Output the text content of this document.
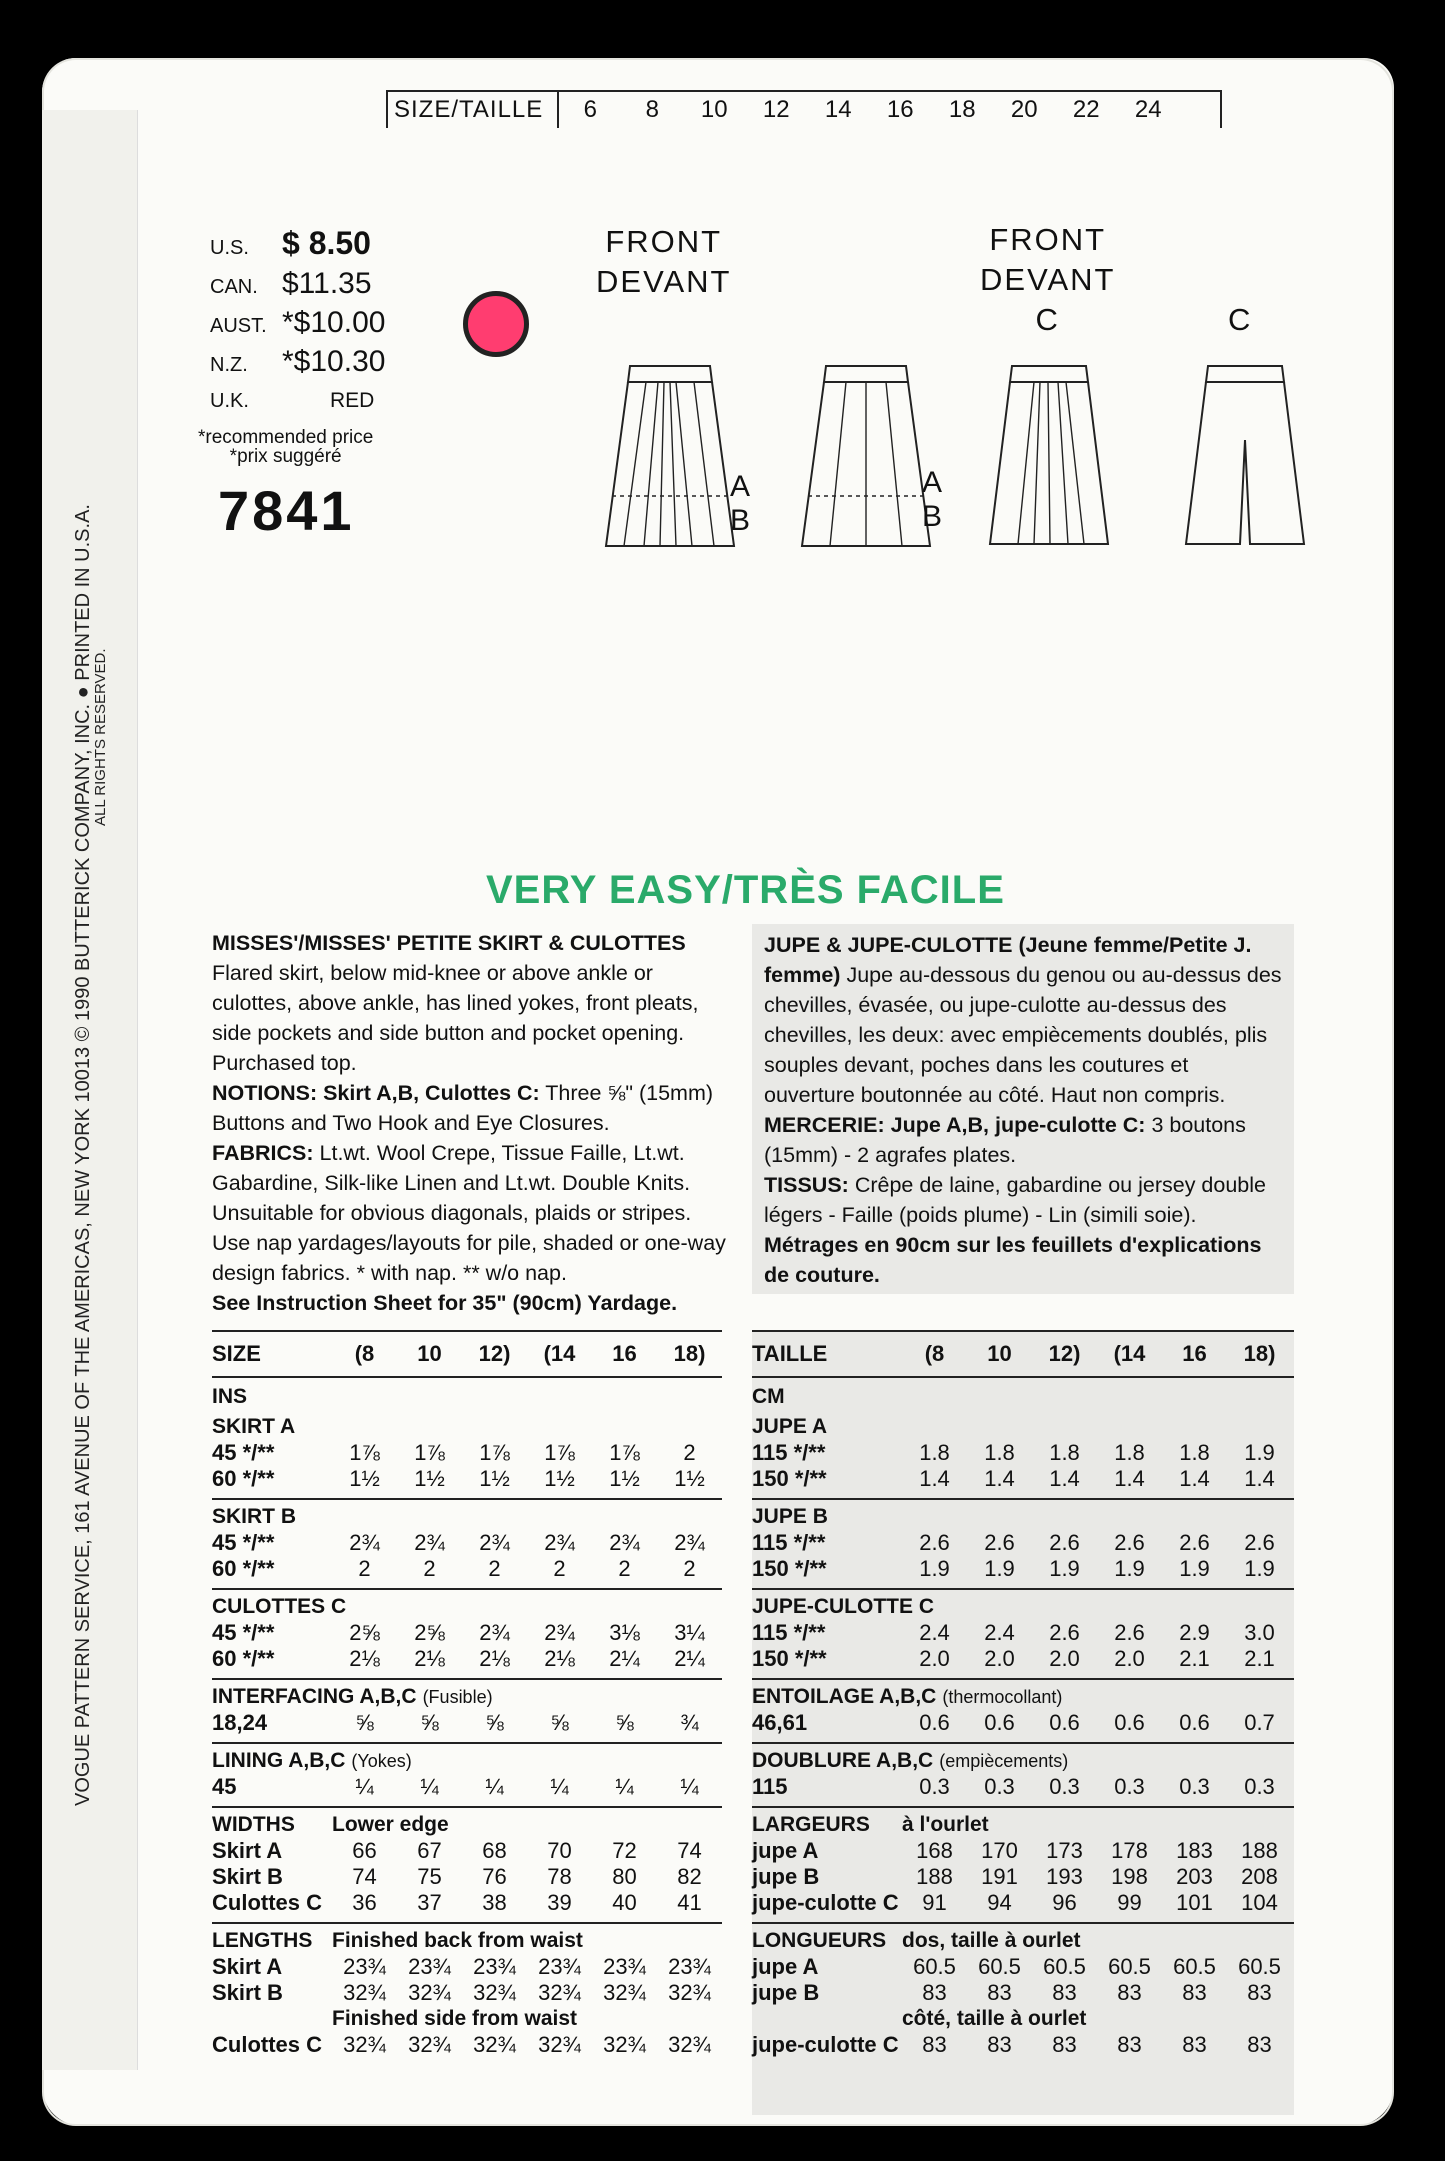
VOGUE PATTERN SERVICE, 161 AVENUE OF THE AMERICAS, NEW YORK 10013 © 1990 BUTTERICK COMPANY, INC. ● PRINTED IN U.S.A.
ALL RIGHTS RESERVED.
SIZE/TAILLE	6	8	10	12	14	16	18	20	22	24
U.S.	$ 8.50
CAN. $11.35
AUST. *$10.00
N.Z.	*$10.30
U.K.	RED
*recommended price
*prix suggéré
7841
FRONT
DEVANT
FRONT
DEVANT
C	C
A
B
A
B
VERY EASY/TRÈS FACILE
MISSES'/MISSES' PETITE SKIRT & CULOTTES Flared skirt, below mid-knee or above ankle or culottes, above ankle, has lined yokes, front pleats, side pockets and side button and pocket opening. Purchased top.
NOTIONS: Skirt A,B, Culottes C: Three ⅝" (15mm) Buttons and Two Hook and Eye Closures.
FABRICS: Lt.wt. Wool Crepe, Tissue Faille, Lt.wt. Gabardine, Silk-like Linen and Lt.wt. Double Knits. Unsuitable for obvious diagonals, plaids or stripes. Use nap yardages/layouts for pile, shaded or one-way design fabrics. * with nap. ** w/o nap.
See Instruction Sheet for 35" (90cm) Yardage.
JUPE & JUPE-CULOTTE (Jeune femme/Petite J. femme) Jupe au-dessous du genou ou au-dessus des chevilles, évasée, ou jupe-culotte au-dessus des chevilles, les deux: avec empiècements doublés, plis souples devant, poches dans les coutures et ouverture boutonnée au côté. Haut non compris.
MERCERIE: Jupe A,B, jupe-culotte C: 3 boutons (15mm) - 2 agrafes plates.
TISSUS: Crêpe de laine, gabardine ou jersey double légers - Faille (poids plume) - Lin (simili soie).
Métrages en 90cm sur les feuillets d'explications de couture.
SIZE	(8	10	12)	(14	16	18)
INS
SKIRT A
45 */**	1⅞	1⅞	1⅞	1⅞	1⅞	2
60 */**	1½	1½	1½	1½	1½	1½
SKIRT B
45 */**	2¾	2¾	2¾	2¾	2¾	2¾
60 */**	2	2	2	2	2	2
CULOTTES C
45 */**	2⅝	2⅝	2¾	2¾	3⅛	3¼
60 */**	2⅛	2⅛	2⅛	2⅛	2¼	2¼
INTERFACING A,B,C (Fusible)
18,24	⅝	⅝	⅝	⅝	⅝	¾
LINING A,B,C (Yokes)
45	¼	¼	¼	¼	¼	¼
WIDTHS Lower edge
Skirt A	66	67	68	70	72	74
Skirt B	74	75	76	78	80	82
Culottes C	36	37	38	39	40	41
LENGTHS Finished back from waist
Skirt A	23¾	23¾	23¾	23¾	23¾	23¾
Skirt B	32¾	32¾	32¾	32¾	32¾	32¾
Finished side from waist
Culottes C 32¾	32¾	32¾	32¾	32¾	32¾
TAILLE	(8	10	12)	(14	16	18)
CM
JUPE A
115 */**	1.8	1.8	1.8	1.8	1.8	1.9
150 */**	1.4	1.4	1.4	1.4	1.4	1.4
JUPE B
115 */**	2.6	2.6	2.6	2.6	2.6	2.6
150 */**	1.9	1.9	1.9	1.9	1.9	1.9
JUPE-CULOTTE C
115 */**	2.4	2.4	2.6	2.6	2.9	3.0
150 */**	2.0	2.0	2.0	2.0	2.1	2.1
ENTOILAGE A,B,C (thermocollant)
46,61	0.6	0.6	0.6	0.6	0.6	0.7
DOUBLURE A,B,C (empiècements)
115	0.3	0.3	0.3	0.3	0.3	0.3
LARGEURS à l'ourlet
jupe A	168	170	173	178	183	188
jupe B	188	191	193	198	203	208
jupe-culotte C	91	94	96	99	101	104
LONGUEURS dos, taille à ourlet
jupe A	60.5	60.5	60.5	60.5	60.5	60.5
jupe B	83	83	83	83	83	83
côté, taille à ourlet
jupe-culotte C	83	83	83	83	83	83
